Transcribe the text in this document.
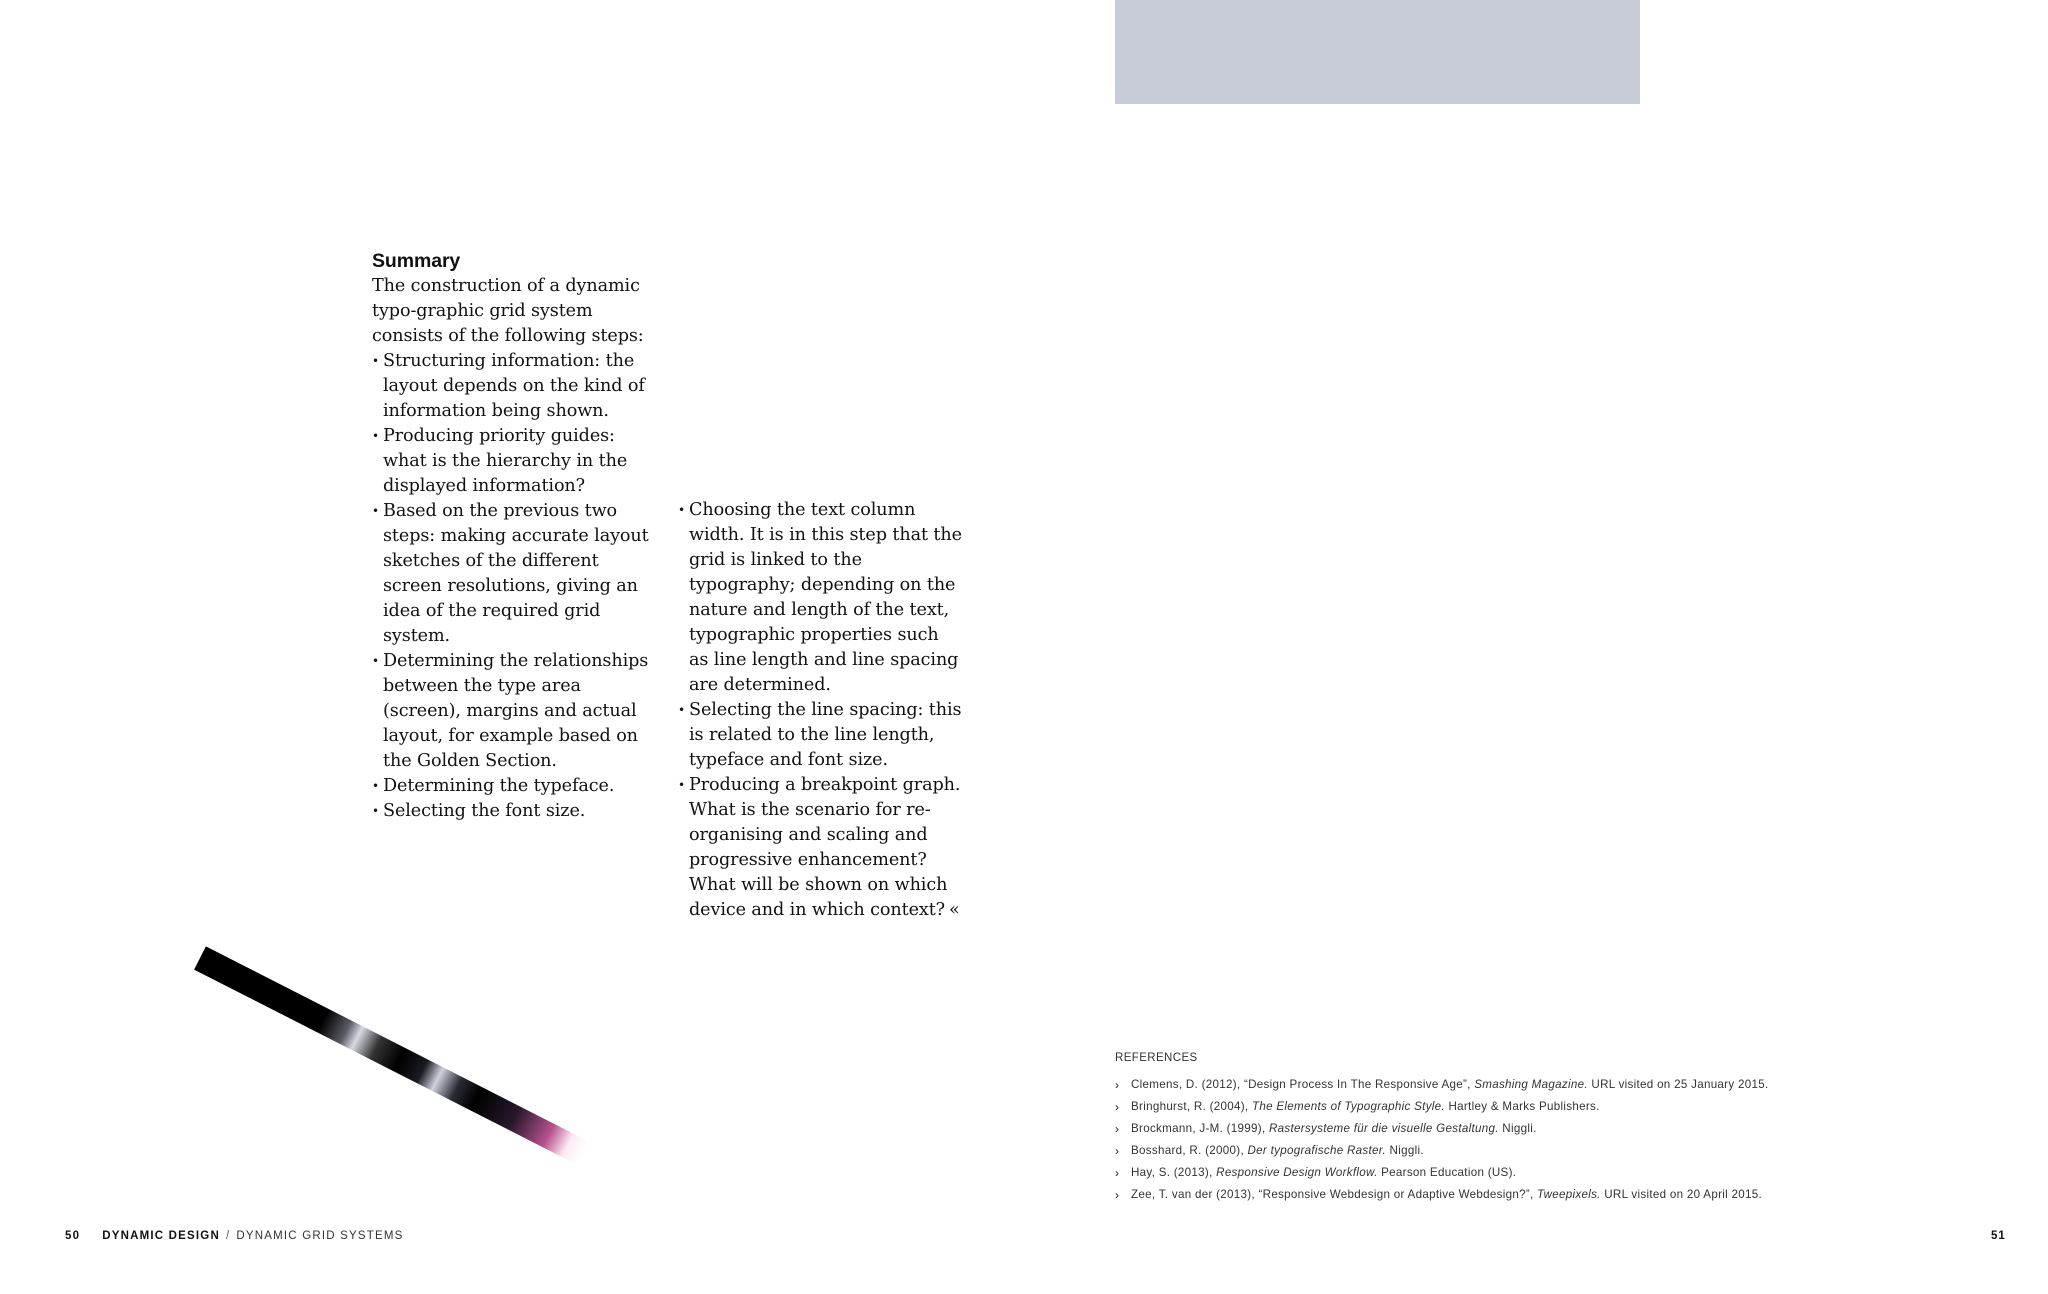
Summary

The construction of a dynamic typo-graphic grid system consists of the following steps:

• Structuring information: the layout depends on the kind of information being shown.
• Producing priority guides: what is the hierarchy in the displayed information?
• Based on the previous two steps: making accurate layout sketches of the different screen resolutions, giving an idea of the required grid system.
• Determining the relationships between the type area (screen), margins and actual layout, for example based on the Golden Section.
• Determining the typeface.
• Selecting the font size.
• Choosing the text column width. It is in this step that the grid is linked to the typography; depending on the nature and length of the text, typographic properties such as line length and line spacing are determined.
• Selecting the line spacing: this is related to the line length, typeface and font size.
• Producing a breakpoint graph. What is the scenario for re-organising and scaling and progressive enhancement? What will be shown on which device and in which context? «

REFERENCES

› Clemens, D. (2012), “Design Process In The Responsive Age”, Smashing Magazine. URL visited on 25 January 2015.
› Bringhurst, R. (2004), The Elements of Typographic Style. Hartley & Marks Publishers.
› Brockmann, J-M. (1999), Rastersysteme für die visuelle Gestaltung. Niggli.
› Bosshard, R. (2000), Der typografische Raster. Niggli.
› Hay, S. (2013), Responsive Design Workflow. Pearson Education (US).
› Zee, T. van der (2013), “Responsive Webdesign or Adaptive Webdesign?”, Tweepixels. URL visited on 20 April 2015.
50 DYNAMIC DESIGN / DYNAMIC GRID SYSTEMS	51
